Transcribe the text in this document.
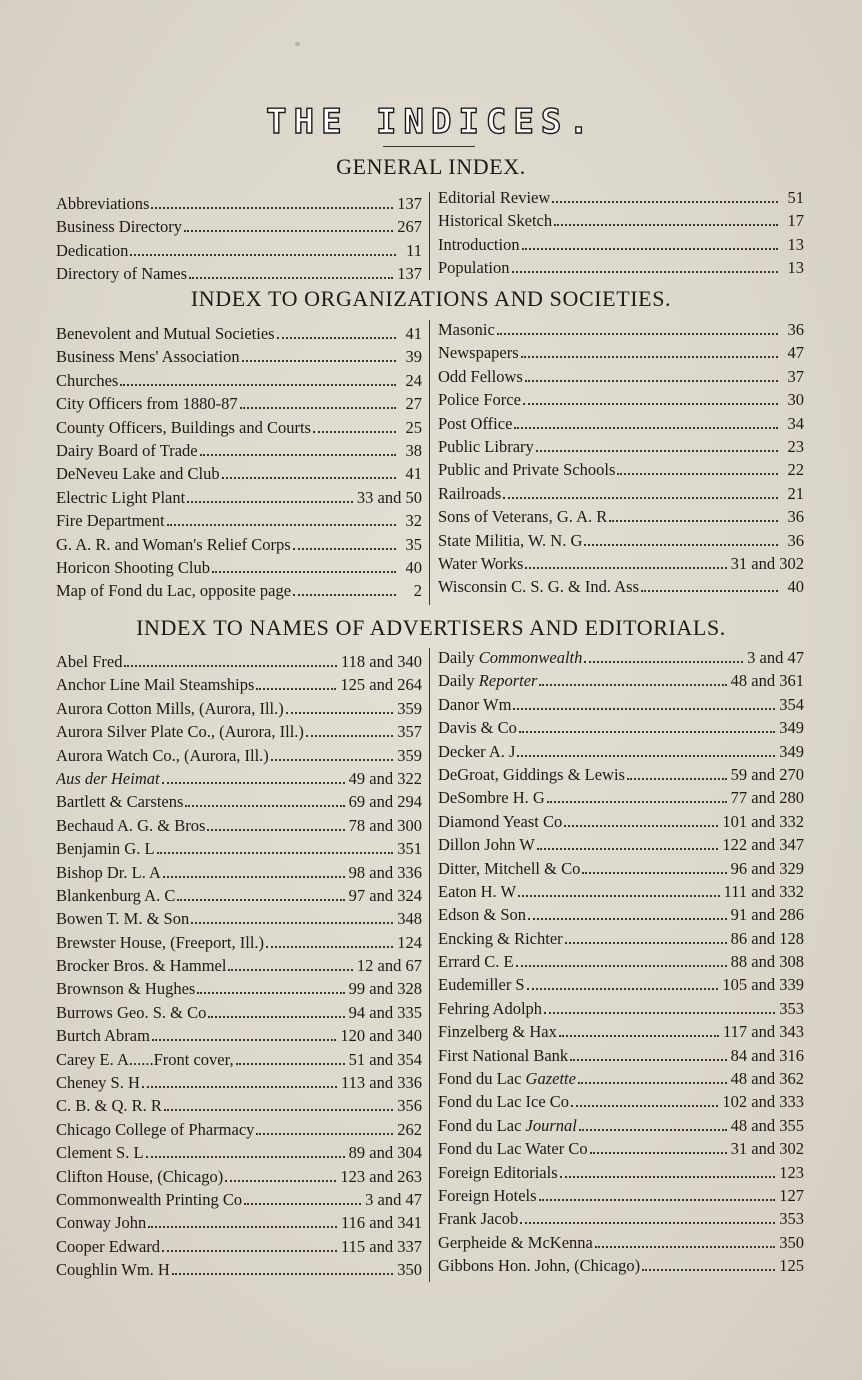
THE INDICES.
GENERAL INDEX.
Abbreviations	137
Business Directory	267
Dedication	11
Directory of Names	137
Editorial Review	51
Historical Sketch	17
Introduction	13
Population	13
INDEX TO ORGANIZATIONS AND SOCIETIES.
Benevolent and Mutual Societies	41
Business Mens' Association	39
Churches	24
City Officers from 1880-87	27
County Officers, Buildings and Courts	25
Dairy Board of Trade	38
DeNeveu Lake and Club	41
Electric Light Plant	33 and 50
Fire Department	32
G. A. R. and Woman's Relief Corps	35
Horicon Shooting Club	40
Map of Fond du Lac, opposite page	2
Masonic	36
Newspapers	47
Odd Fellows	37
Police Force	30
Post Office	34
Public Library	23
Public and Private Schools	22
Railroads	21
Sons of Veterans, G. A. R	36
State Militia, W. N. G	36
Water Works	31 and 302
Wisconsin C. S. G. & Ind. Ass	40
INDEX TO NAMES OF ADVERTISERS AND EDITORIALS.
Abel Fred	118 and 340
Anchor Line Mail Steamships	125 and 264
Aurora Cotton Mills, (Aurora, Ill.)	359
Aurora Silver Plate Co., (Aurora, Ill.)	357
Aurora Watch Co., (Aurora, Ill.)	359
Aus der Heimat	49 and 322
Bartlett & Carstens	69 and 294
Bechaud A. G. & Bros	78 and 300
Benjamin G. L	351
Bishop Dr. L. A	98 and 336
Blankenburg A. C	97 and 324
Bowen T. M. & Son	348
Brewster House, (Freeport, Ill.)	124
Brocker Bros. & Hammel	12 and 67
Brownson & Hughes	99 and 328
Burrows Geo. S. & Co	94 and 335
Burtch Abram	120 and 340
Carey E. A......Front cover,	51 and 354
Cheney S. H	113 and 336
C. B. & Q. R. R	356
Chicago College of Pharmacy	262
Clement S. L	89 and 304
Clifton House, (Chicago)	123 and 263
Commonwealth Printing Co	3 and 47
Conway John	116 and 341
Cooper Edward	115 and 337
Coughlin Wm. H	350
Daily Commonwealth	3 and 47
Daily Reporter	48 and 361
Danor Wm	354
Davis & Co	349
Decker A. J	349
DeGroat, Giddings & Lewis	59 and 270
DeSombre H. G	77 and 280
Diamond Yeast Co	101 and 332
Dillon John W	122 and 347
Ditter, Mitchell & Co	96 and 329
Eaton H. W	111 and 332
Edson & Son	91 and 286
Encking & Richter	86 and 128
Errard C. E	88 and 308
Eudemiller S	105 and 339
Fehring Adolph	353
Finzelberg & Hax	117 and 343
First National Bank	84 and 316
Fond du Lac Gazette	48 and 362
Fond du Lac Ice Co	102 and 333
Fond du Lac Journal	48 and 355
Fond du Lac Water Co	31 and 302
Foreign Editorials	123
Foreign Hotels	127
Frank Jacob	353
Gerpheide & McKenna	350
Gibbons Hon. John, (Chicago)	125
